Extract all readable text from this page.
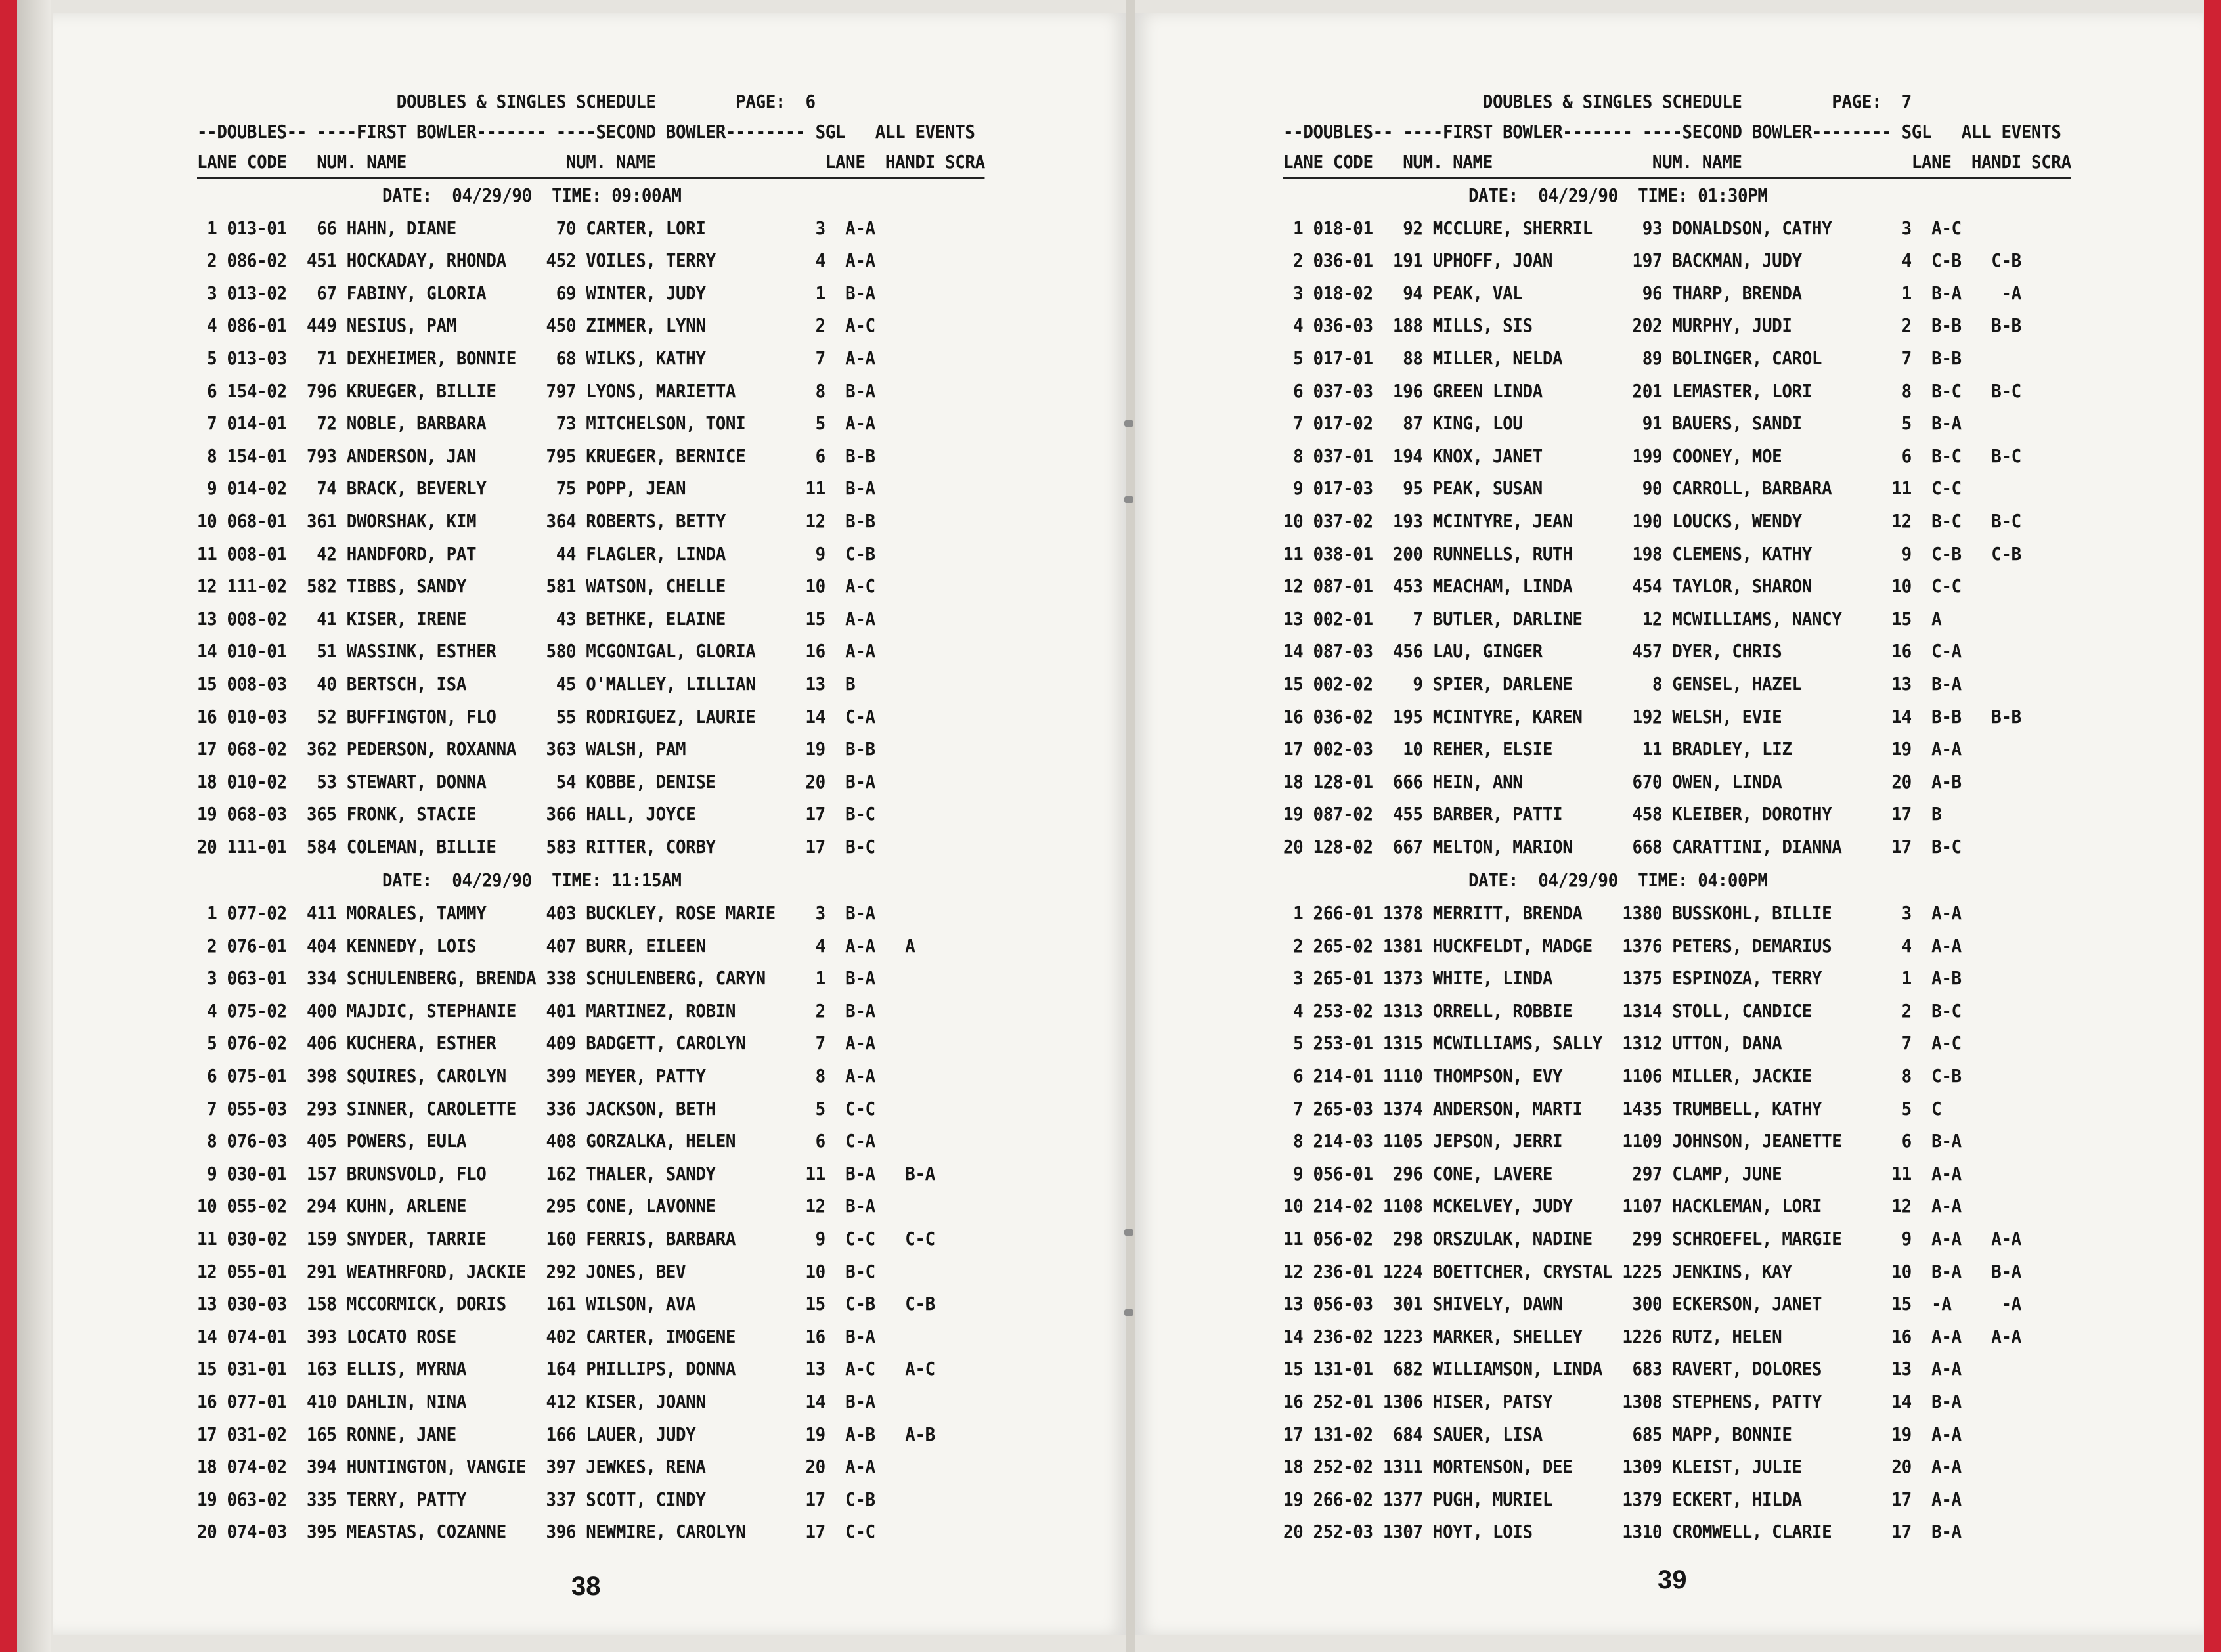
DOUBLES & SINGLES SCHEDULE	PAGE:  6
--DOUBLES-- ----FIRST BOWLER------- ----SECOND BOWLER-------- SGL   ALL EVENTS
LANE CODE   NUM. NAME                NUM. NAME                 LANE  HANDI SCRA
DATE:  04/29/90  TIME: 09:00AM
1 013-01   66 HAHN, DIANE          70 CARTER, LORI           3  A-A
2 086-02  451 HOCKADAY, RHONDA    452 VOILES, TERRY          4  A-A
3 013-02   67 FABINY, GLORIA       69 WINTER, JUDY           1  B-A
4 086-01  449 NESIUS, PAM         450 ZIMMER, LYNN           2  A-C
5 013-03   71 DEXHEIMER, BONNIE    68 WILKS, KATHY           7  A-A
6 154-02  796 KRUEGER, BILLIE     797 LYONS, MARIETTA        8  B-A
7 014-01   72 NOBLE, BARBARA       73 MITCHELSON, TONI       5  A-A
8 154-01  793 ANDERSON, JAN       795 KRUEGER, BERNICE       6  B-B
9 014-02   74 BRACK, BEVERLY       75 POPP, JEAN            11  B-A
10 068-01  361 DWORSHAK, KIM       364 ROBERTS, BETTY        12  B-B
11 008-01   42 HANDFORD, PAT        44 FLAGLER, LINDA         9  C-B
12 111-02  582 TIBBS, SANDY        581 WATSON, CHELLE        10  A-C
13 008-02   41 KISER, IRENE         43 BETHKE, ELAINE        15  A-A
14 010-01   51 WASSINK, ESTHER     580 MCGONIGAL, GLORIA     16  A-A
15 008-03   40 BERTSCH, ISA         45 O'MALLEY, LILLIAN     13  B
16 010-03   52 BUFFINGTON, FLO      55 RODRIGUEZ, LAURIE     14  C-A
17 068-02  362 PEDERSON, ROXANNA   363 WALSH, PAM            19  B-B
18 010-02   53 STEWART, DONNA       54 KOBBE, DENISE         20  B-A
19 068-03  365 FRONK, STACIE       366 HALL, JOYCE           17  B-C
20 111-01  584 COLEMAN, BILLIE     583 RITTER, CORBY         17  B-C
DATE:  04/29/90  TIME: 11:15AM
1 077-02  411 MORALES, TAMMY      403 BUCKLEY, ROSE MARIE    3  B-A
2 076-01  404 KENNEDY, LOIS       407 BURR, EILEEN           4  A-A   A
3 063-01  334 SCHULENBERG, BRENDA 338 SCHULENBERG, CARYN     1  B-A
4 075-02  400 MAJDIC, STEPHANIE   401 MARTINEZ, ROBIN        2  B-A
5 076-02  406 KUCHERA, ESTHER     409 BADGETT, CAROLYN       7  A-A
6 075-01  398 SQUIRES, CAROLYN    399 MEYER, PATTY           8  A-A
7 055-03  293 SINNER, CAROLETTE   336 JACKSON, BETH          5  C-C
8 076-03  405 POWERS, EULA        408 GORZALKA, HELEN        6  C-A
9 030-01  157 BRUNSVOLD, FLO      162 THALER, SANDY         11  B-A   B-A
10 055-02  294 KUHN, ARLENE        295 CONE, LAVONNE         12  B-A
11 030-02  159 SNYDER, TARRIE      160 FERRIS, BARBARA        9  C-C   C-C
12 055-01  291 WEATHRFORD, JACKIE  292 JONES, BEV            10  B-C
13 030-03  158 MCCORMICK, DORIS    161 WILSON, AVA           15  C-B   C-B
14 074-01  393 LOCATO ROSE         402 CARTER, IMOGENE       16  B-A
15 031-01  163 ELLIS, MYRNA        164 PHILLIPS, DONNA       13  A-C   A-C
16 077-01  410 DAHLIN, NINA        412 KISER, JOANN          14  B-A
17 031-02  165 RONNE, JANE         166 LAUER, JUDY           19  A-B   A-B
18 074-02  394 HUNTINGTON, VANGIE  397 JEWKES, RENA          20  A-A
19 063-02  335 TERRY, PATTY        337 SCOTT, CINDY          17  C-B
20 074-03  395 MEASTAS, COZANNE    396 NEWMIRE, CAROLYN      17  C-C
38
DOUBLES & SINGLES SCHEDULE	PAGE:  7
--DOUBLES-- ----FIRST BOWLER------- ----SECOND BOWLER-------- SGL   ALL EVENTS
LANE CODE   NUM. NAME                NUM. NAME                 LANE  HANDI SCRA
DATE:  04/29/90  TIME: 01:30PM
1 018-01   92 MCCLURE, SHERRIL     93 DONALDSON, CATHY       3  A-C
2 036-01  191 UPHOFF, JOAN        197 BACKMAN, JUDY          4  C-B   C-B
3 018-02   94 PEAK, VAL            96 THARP, BRENDA          1  B-A    -A
4 036-03  188 MILLS, SIS          202 MURPHY, JUDI           2  B-B   B-B
5 017-01   88 MILLER, NELDA        89 BOLINGER, CAROL        7  B-B
6 037-03  196 GREEN LINDA         201 LEMASTER, LORI         8  B-C   B-C
7 017-02   87 KING, LOU            91 BAUERS, SANDI          5  B-A
8 037-01  194 KNOX, JANET         199 COONEY, MOE            6  B-C   B-C
9 017-03   95 PEAK, SUSAN          90 CARROLL, BARBARA      11  C-C
10 037-02  193 MCINTYRE, JEAN      190 LOUCKS, WENDY         12  B-C   B-C
11 038-01  200 RUNNELLS, RUTH      198 CLEMENS, KATHY         9  C-B   C-B
12 087-01  453 MEACHAM, LINDA      454 TAYLOR, SHARON        10  C-C
13 002-01    7 BUTLER, DARLINE      12 MCWILLIAMS, NANCY     15  A
14 087-03  456 LAU, GINGER         457 DYER, CHRIS           16  C-A
15 002-02    9 SPIER, DARLENE        8 GENSEL, HAZEL         13  B-A
16 036-02  195 MCINTYRE, KAREN     192 WELSH, EVIE           14  B-B   B-B
17 002-03   10 REHER, ELSIE         11 BRADLEY, LIZ          19  A-A
18 128-01  666 HEIN, ANN           670 OWEN, LINDA           20  A-B
19 087-02  455 BARBER, PATTI       458 KLEIBER, DOROTHY      17  B
20 128-02  667 MELTON, MARION      668 CARATTINI, DIANNA     17  B-C
DATE:  04/29/90  TIME: 04:00PM
1 266-01 1378 MERRITT, BRENDA    1380 BUSSKOHL, BILLIE       3  A-A
2 265-02 1381 HUCKFELDT, MADGE   1376 PETERS, DEMARIUS       4  A-A
3 265-01 1373 WHITE, LINDA       1375 ESPINOZA, TERRY        1  A-B
4 253-02 1313 ORRELL, ROBBIE     1314 STOLL, CANDICE         2  B-C
5 253-01 1315 MCWILLIAMS, SALLY  1312 UTTON, DANA            7  A-C
6 214-01 1110 THOMPSON, EVY      1106 MILLER, JACKIE         8  C-B
7 265-03 1374 ANDERSON, MARTI    1435 TRUMBELL, KATHY        5  C
8 214-03 1105 JEPSON, JERRI      1109 JOHNSON, JEANETTE      6  B-A
9 056-01  296 CONE, LAVERE        297 CLAMP, JUNE           11  A-A
10 214-02 1108 MCKELVEY, JUDY     1107 HACKLEMAN, LORI       12  A-A
11 056-02  298 ORSZULAK, NADINE    299 SCHROEFEL, MARGIE      9  A-A   A-A
12 236-01 1224 BOETTCHER, CRYSTAL 1225 JENKINS, KAY          10  B-A   B-A
13 056-03  301 SHIVELY, DAWN       300 ECKERSON, JANET       15  -A     -A
14 236-02 1223 MARKER, SHELLEY    1226 RUTZ, HELEN           16  A-A   A-A
15 131-01  682 WILLIAMSON, LINDA   683 RAVERT, DOLORES       13  A-A
16 252-01 1306 HISER, PATSY       1308 STEPHENS, PATTY       14  B-A
17 131-02  684 SAUER, LISA         685 MAPP, BONNIE          19  A-A
18 252-02 1311 MORTENSON, DEE     1309 KLEIST, JULIE         20  A-A
19 266-02 1377 PUGH, MURIEL       1379 ECKERT, HILDA         17  A-A
20 252-03 1307 HOYT, LOIS         1310 CROMWELL, CLARIE      17  B-A
39
